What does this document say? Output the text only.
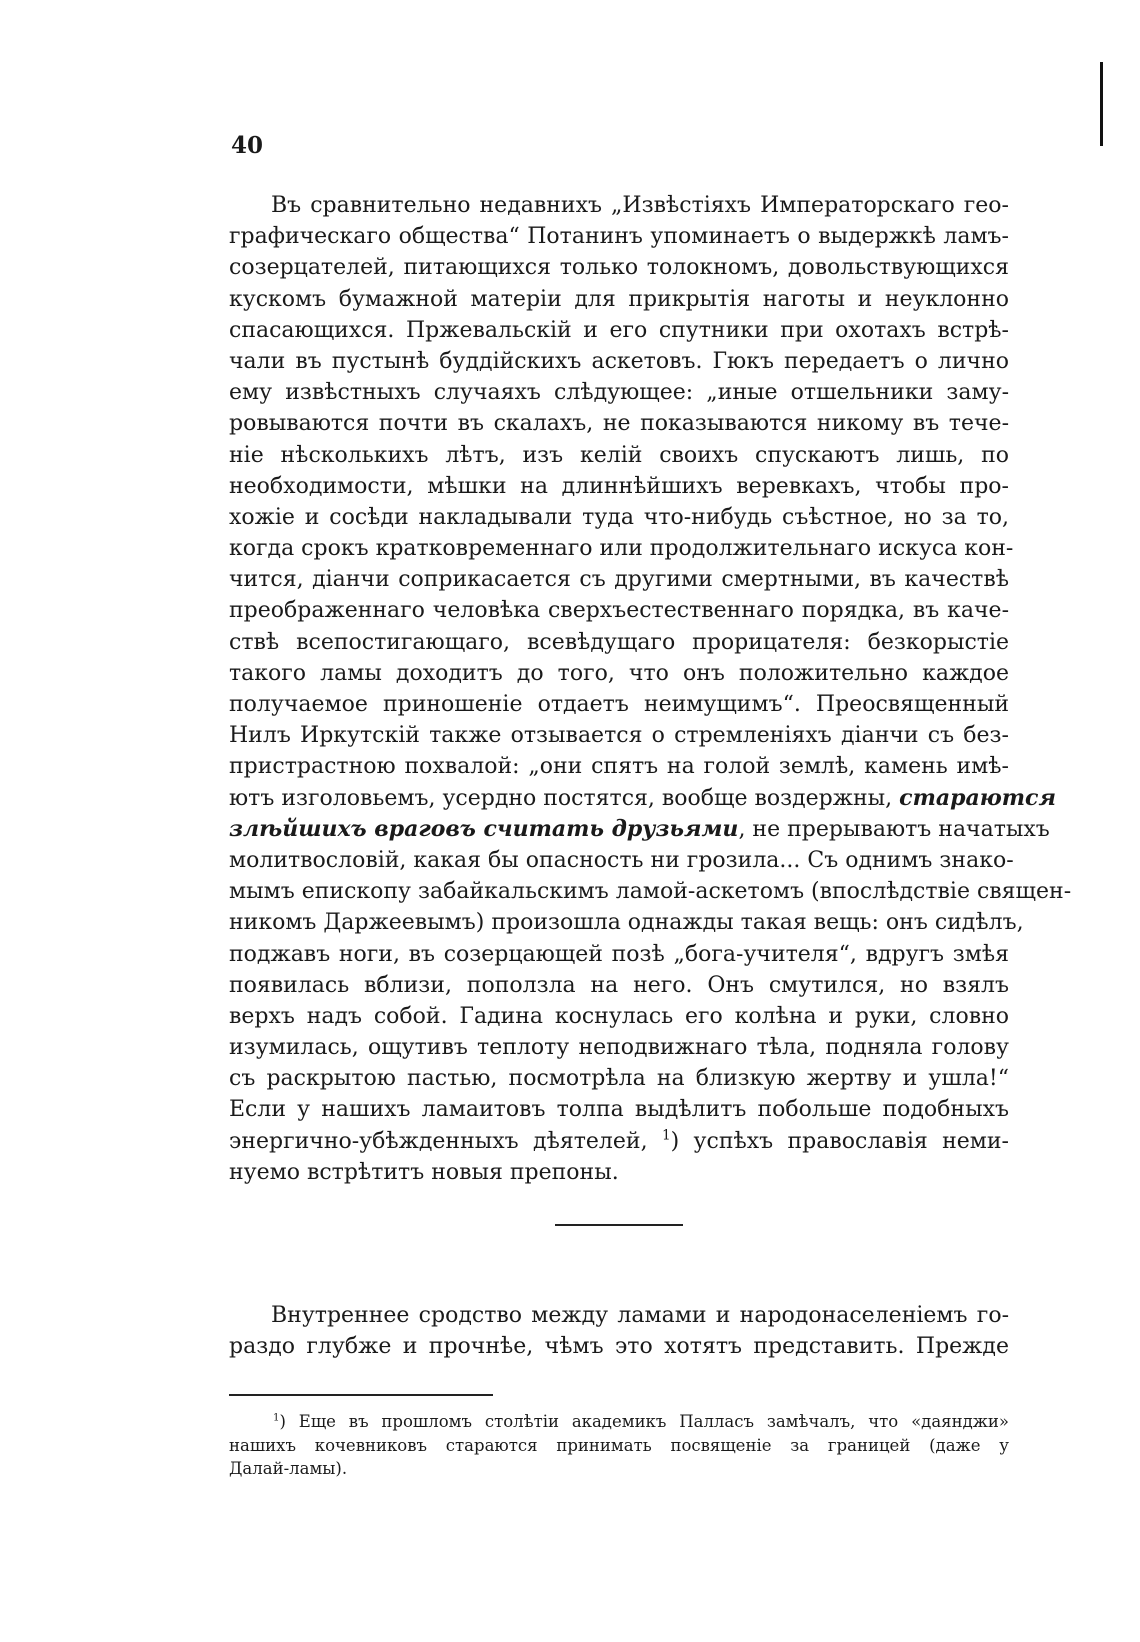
40
Въ сравнительно недавнихъ „Извѣстіяхъ Императорскаго гео-
графическаго общества“ Потанинъ упоминаетъ о выдержкѣ ламъ-
созерцателей, питающихся только толокномъ, довольствующихся
кускомъ бумажной матеріи для прикрытія наготы и неуклонно
спасающихся. Пржевальскій и его спутники при охотахъ встрѣ-
чали въ пустынѣ буддійскихъ аскетовъ. Гюкъ передаетъ о лично
ему извѣстныхъ случаяхъ слѣдующее: „иные отшельники заму-
ровываются почти въ скалахъ, не показываются никому въ тече-
ніе нѣсколькихъ лѣтъ, изъ келій своихъ спускаютъ лишь, по
необходимости, мѣшки на длиннѣйшихъ веревкахъ, чтобы про-
хожіе и сосѣди накладывали туда что-нибудь съѣстное, но за то,
когда срокъ кратковременнаго или продолжительнаго искуса кон-
чится, діанчи соприкасается съ другими смертными, въ качествѣ
преображеннаго человѣка сверхъестественнаго порядка, въ каче-
ствѣ всепостигающаго, всевѣдущаго прорицателя: безкорыстіе
такого ламы доходитъ до того, что онъ положительно каждое
получаемое приношеніе отдаетъ неимущимъ“. Преосвященный
Нилъ Иркутскій также отзывается о стремленіяхъ діанчи съ без-
пристрастною похвалой: „они спятъ на голой землѣ, камень имѣ-
ютъ изголовьемъ, усердно постятся, вообще воздержны, стараются
злѣйшихъ враговъ считать друзьями, не прерываютъ начатыхъ
молитвословій, какая бы опасность ни грозила... Съ однимъ знако-
мымъ епископу забайкальскимъ ламой-аскетомъ (впослѣдствіе священ-
никомъ Даржеевымъ) произошла однажды такая вещь: онъ сидѣлъ,
поджавъ ноги, въ созерцающей позѣ „бога-учителя“, вдругъ змѣя
появилась вблизи, поползла на него. Онъ смутился, но взялъ
верхъ надъ собой. Гадина коснулась его колѣна и руки, словно
изумилась, ощутивъ теплоту неподвижнаго тѣла, подняла голову
съ раскрытою пастью, посмотрѣла на близкую жертву и ушла!“
Если у нашихъ ламаитовъ толпа выдѣлитъ побольше подобныхъ
энергично-убѣжденныхъ дѣятелей, $^1$) успѣхъ православія неми-
нуемо встрѣтитъ новыя препоны.
Внутреннее сродство между ламами и народонаселеніемъ го-
раздо глубже и прочнѣе, чѣмъ это хотятъ представить. Прежде
$^1$) Еще въ прошломъ столѣтіи академикъ Палласъ замѣчалъ, что «даянджи»
нашихъ кочевниковъ стараются принимать посвященіе за границей (даже у
Далай-ламы).
